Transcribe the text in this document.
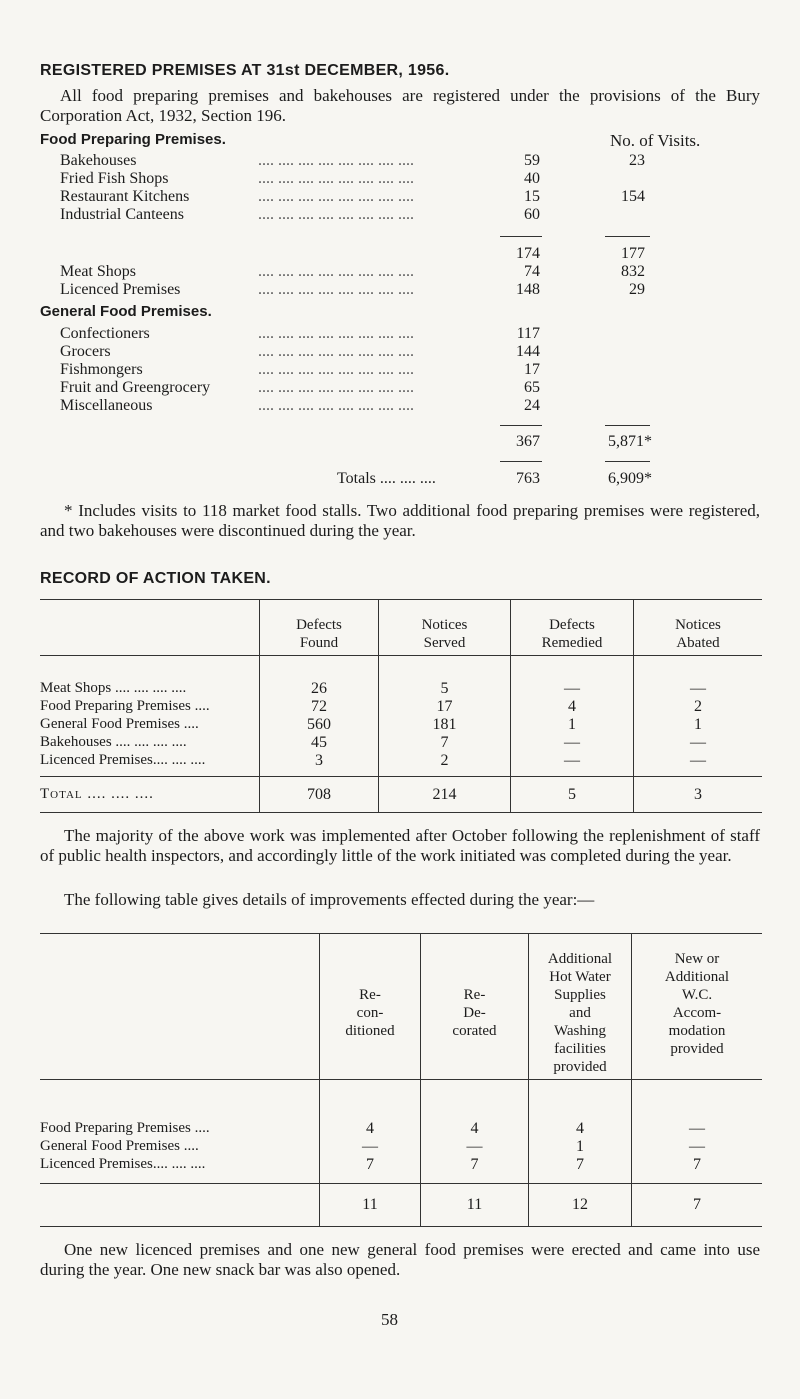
REGISTERED PREMISES AT 31st DECEMBER, 1956.
All food preparing premises and bakehouses are registered under the provisions of the Bury Corporation Act, 1932, Section 196.
Food Preparing Premises.	No. of Visits.
Bakehouses	59	23
Fried Fish Shops	40
Restaurant Kitchens	15	154
Industrial Canteens	60
.... .... .... .... .... .... .... ....
.... .... .... .... .... .... .... ....
.... .... .... .... .... .... .... ....
.... .... .... .... .... .... .... ....
174	177
Meat Shops	.... .... .... .... .... .... .... ....	74	832
Licenced Premises	.... .... .... .... .... .... .... ....	148	29
General Food Premises.
Confectioners	117
Grocers	144
Fishmongers	17
Fruit and Greengrocery	65
Miscellaneous	24
.... .... .... .... .... .... .... ....
.... .... .... .... .... .... .... ....
.... .... .... .... .... .... .... ....
.... .... .... .... .... .... .... ....
.... .... .... .... .... .... .... ....
367	5,871*
Totals .... .... ....	763	6,909*
* Includes visits to 118 market food stalls. Two additional food preparing premises were registered, and two bakehouses were discontinued during the year.
RECORD OF ACTION TAKEN.
Defects
Found
Notices
Served
Defects
Remedied
Notices
Abated
Meat Shops .... .... .... ....	26	5	—	—
Food Preparing Premises ....	72	17	4	2
General Food Premises ....	560	181	1	1
Bakehouses .... .... .... ....	45	7	—	—
Licenced Premises.... .... ....	3	2	—	—
Total .... .... ....	708	214	5	3
The majority of the above work was implemented after October following the replenishment of staff of public health inspectors, and accordingly little of the work initiated was completed during the year.
The following table gives details of improvements effected during the year:—
Re-
con-
ditioned
Re-
De-
corated
Additional
Hot Water
Supplies
and
Washing
facilities
provided
New or
Additional
W.C.
Accom-
modation
provided
Food Preparing Premises ....	4	4	4	—
General Food Premises ....	—	—	1	—
Licenced Premises.... .... ....	7	7	7	7
11	11	12	7
One new licenced premises and one new general food premises were erected and came into use during the year. One new snack bar was also opened.
58
